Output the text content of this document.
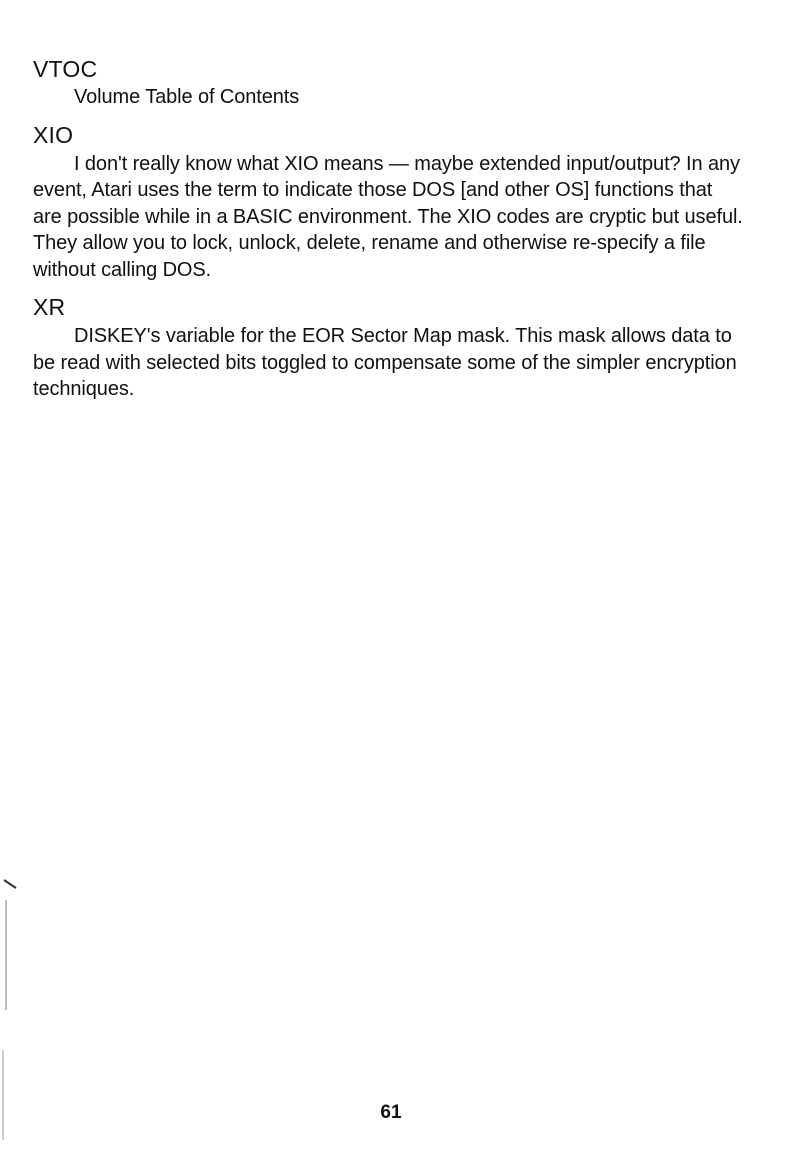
VTOC

Volume Table of Contents

XIO

I don't really know what XIO means — maybe extended input/output? In any event, Atari uses the term to indicate those DOS [and other OS] functions that are possible while in a BASIC environment. The XIO codes are cryptic but useful. They allow you to lock, unlock, delete, rename and otherwise re-specify a file without calling DOS.

XR

DISKEY's variable for the EOR Sector Map mask. This mask allows data to be read with selected bits toggled to compensate some of the simpler encryption techniques.

61
